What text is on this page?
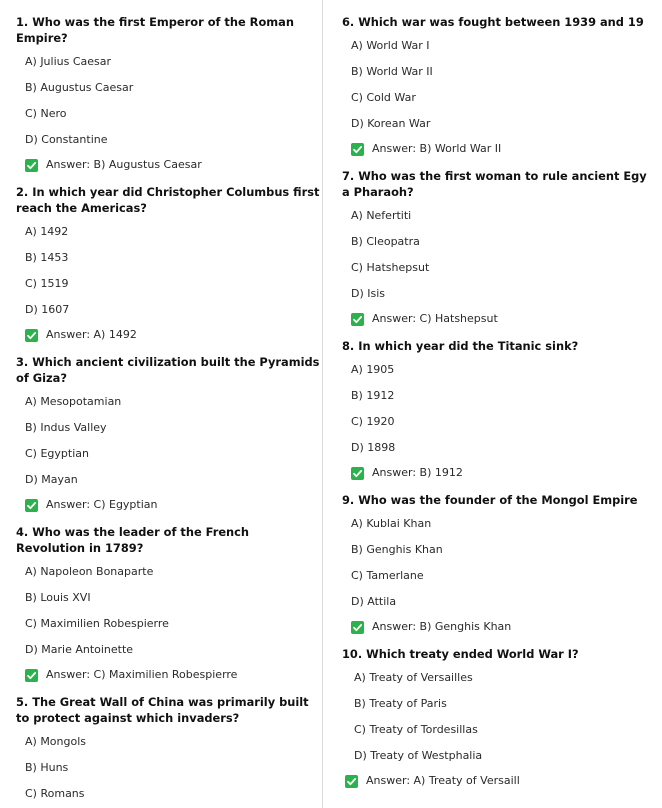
1. Who was the first Emperor of the Roman Empire?
A) Julius Caesar
B) Augustus Caesar
C) Nero
D) Constantine
Answer: B) Augustus Caesar
2. In which year did Christopher Columbus first reach the Americas?
A) 1492
B) 1453
C) 1519
D) 1607
Answer: A) 1492
3. Which ancient civilization built the Pyramids of Giza?
A) Mesopotamian
B) Indus Valley
C) Egyptian
D) Mayan
Answer: C) Egyptian
4. Who was the leader of the French Revolution in 1789?
A) Napoleon Bonaparte
B) Louis XVI
C) Maximilien Robespierre
D) Marie Antoinette
Answer: C) Maximilien Robespierre
5. The Great Wall of China was primarily built to protect against which invaders?
A) Mongols
B) Huns
C) Romans
6. Which war was fought between 1939 and 19
A) World War I
B) World War II
C) Cold War
D) Korean War
Answer: B) World War II
7. Who was the first woman to rule ancient Egy
a Pharaoh?
A) Nefertiti
B) Cleopatra
C) Hatshepsut
D) Isis
Answer: C) Hatshepsut
8. In which year did the Titanic sink?
A) 1905
B) 1912
C) 1920
D) 1898
Answer: B) 1912
9. Who was the founder of the Mongol Empire
A) Kublai Khan
B) Genghis Khan
C) Tamerlane
D) Attila
Answer: B) Genghis Khan
10. Which treaty ended World War I?
A) Treaty of Versailles
B) Treaty of Paris
C) Treaty of Tordesillas
D) Treaty of Westphalia
Answer: A) Treaty of Versaill
